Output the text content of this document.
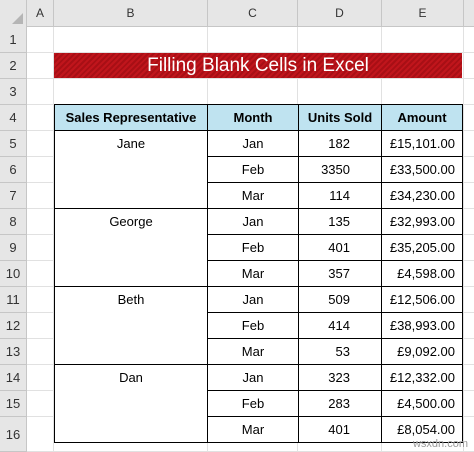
A	B	C	D	E
1
2
3
4
5
6
7
8
9
10
11
12
13
14
15
16
Filling Blank Cells in Excel
Sales Representative	Month	Units Sold	Amount
Jane	Jan	182	£15,101.00
	Feb	3350	£33,500.00
	Mar	114	£34,230.00
George	Jan	135	£32,993.00
	Feb	401	£35,205.00
	Mar	357	£4,598.00
Beth	Jan	509	£12,506.00
	Feb	414	£38,993.00
	Mar	53	£9,092.00
Dan	Jan	323	£12,332.00
	Feb	283	£4,500.00
	Mar	401	£8,054.00
wsxdn.com
